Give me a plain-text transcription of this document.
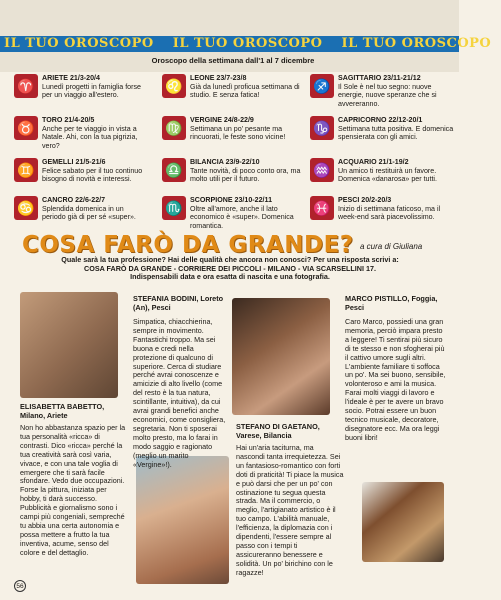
IL TUO OROSCOPO IL TUO OROSCOPO IL TUO OROSCOPO
Oroscopo della settimana dall'1 al 7 dicembre
♈	ARIETE 21/3-20/4
Lunedì progetti in famiglia forse per un viaggio all'estero.
♉	TORO 21/4-20/5
Anche per te viaggio in vista a Natale. Ahi, con la tua pigrizia, vero?
♊	GEMELLI 21/5-21/6
Felice sabato per il tuo continuo bisogno di novità e interessi.
♋	CANCRO 22/6-22/7
Splendida domenica in un periodo già di per sé «super».
♌	LEONE 23/7-23/8
Già da lunedì proficua settimana di studio. E senza fatica!
♍	VERGINE 24/8-22/9
Settimana un po' pesante ma rincuorati, le feste sono vicine!
♎	BILANCIA 23/9-22/10
Tante novità, di poco conto ora, ma molto utili per il futuro.
♏	SCORPIONE 23/10-22/11
Oltre all'amore, anche il lato economico è «super». Domenica romantica.
♐	SAGITTARIO 23/11-21/12
Il Sole è nel tuo segno: nuove energie, nuove speranze che si avvereranno.
♑	CAPRICORNO 22/12-20/1
Settimana tutta positiva. E domenica spensierata con gli amici.
♒	ACQUARIO 21/1-19/2
Un amico ti restituirà un favore. Domenica «danarosa» per tutti.
♓	PESCI 20/2-20/3
Inizio di settimana faticoso, ma il week-end sarà piacevolissimo.
COSA FARÒ DA GRANDE? a cura di Giuliana
Quale sarà la tua professione? Hai delle qualità che ancora non conosci? Per una risposta scrivi a:
COSA FARÒ DA GRANDE - CORRIERE DEI PICCOLI - MILANO - VIA SCARSELLINI 17.
Indispensabili data e ora esatta di nascita e una fotografia.
ELISABETTA BABETTO, Milano, Ariete
Non ho abbastanza spazio per la tua personalità «ricca» di contrasti. Dico «ricca» perché la tua creatività sarà così varia, vivace, e con una tale voglia di emergere che ti sarà facile sfondare. Vedo due occupazioni. Forse la pittura, iniziata per hobby, ti darà successo. Pubblicità e giornalismo sono i campi più congeniali, sempreché tu abbia una certa autonomia e possa mettere a frutto la tua inventiva, acume, senso del colore e del dettaglio.
STEFANIA BODINI, Loreto (An), Pesci
Simpatica, chiacchierina, sempre in movimento. Fantastichi troppo. Ma sei buona e credi nella protezione di qualcuno di superiore. Cerca di studiare perché avrai conoscenze e amicizie di alto livello (come del resto è la tua natura, scintillante, intuitiva), da cui avrai grandi benefici anche economici, come consigliera, segretaria. Non ti sposerai molto presto, ma lo farai in modo saggio e ragionato (meglio un marito «Vergine»!).
STEFANO DI GAETANO, Varese, Bilancia
Hai un'aria taciturna, ma nascondi tanta irrequietezza. Sei un fantasioso-romantico con forti doti di praticità! Ti piace la musica e può darsi che per un po' con ostinazione tu segua questa strada. Ma il commercio, o meglio, l'artigianato artistico è il tuo campo. L'abilità manuale, l'efficienza, la diplomazia con i dipendenti, l'essere sempre al passo con i tempi ti assicureranno benessere e solidità. Un po' birichino con le ragazze!
MARCO PISTILLO, Foggia, Pesci
Caro Marco, possiedi una gran memoria, perciò impara presto a leggere! Ti sentirai più sicuro di te stesso e non sfogherai più il cattivo umore sugli altri. L'ambiente familiare ti soffoca un po'. Ma sei buono, sensibile, volonteroso e ami la musica. Farai molti viaggi di lavoro e l'ideale è per te avere un bravo socio. Potrai essere un buon tecnico musicale, decoratore, disegnatore ecc. Ma ora leggi buoni libri!
56
